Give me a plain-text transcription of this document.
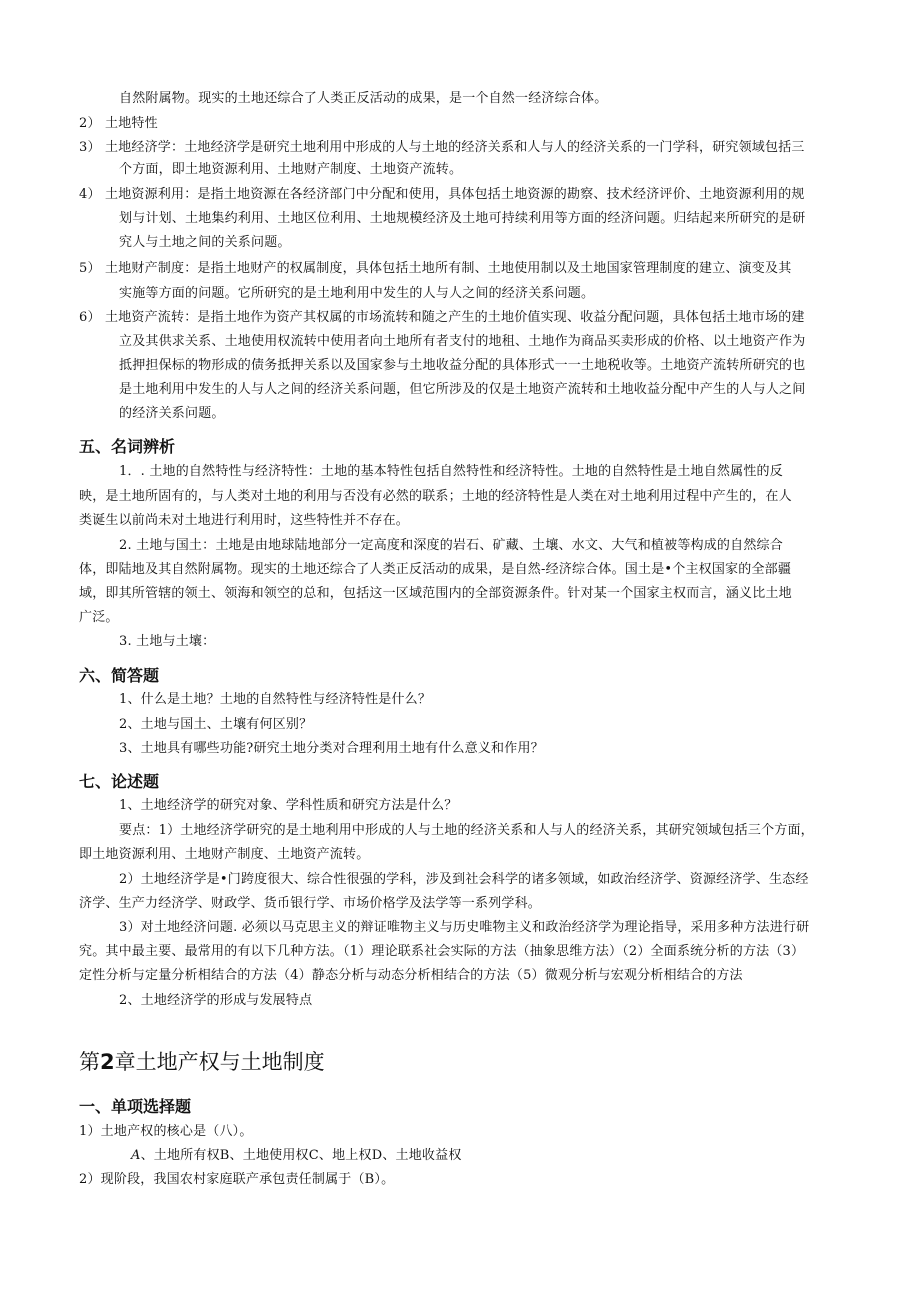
自然附属物。现实的土地还综合了人类正反活动的成果，是一个自然一经济综合体。
2） 土地特性
3） 土地经济学：土地经济学是研究土地利用中形成的人与土地的经济关系和人与人的经济关系的一门学科，研究领域包括三
个方面，即土地资源利用、土地财产制度、土地资产流转。
4） 土地资源利用：是指土地资源在各经济部门中分配和使用，具体包括土地资源的勘察、技术经济评价、土地资源利用的规
划与计划、土地集约利用、土地区位利用、土地规模经济及土地可持续利用等方面的经济问题。归结起来所研究的是研
究人与土地之间的关系问题。
5） 土地财产制度：是指土地财产的权属制度，具体包括土地所有制、土地使用制以及土地国家管理制度的建立、演变及其
实施等方面的问题。它所研究的是土地利用中发生的人与人之间的经济关系问题。
6） 土地资产流转：是指土地作为资产其权属的市场流转和随之产生的土地价值实现、收益分配问题，具体包括土地市场的建
立及其供求关系、土地使用权流转中使用者向土地所有者支付的地租、土地作为商品买卖形成的价格、以土地资产作为
抵押担保标的物形成的债务抵押关系以及国家参与土地收益分配的具体形式一一土地税收等。土地资产流转所研究的也
是土地利用中发生的人与人之间的经济关系问题，但它所涉及的仅是土地资产流转和土地收益分配中产生的人与人之间
的经济关系问题。
五、名词辨析
1．. 土地的自然特性与经济特性：土地的基本特性包括自然特性和经济特性。土地的自然特性是土地自然属性的反
映，是土地所固有的，与人类对土地的利用与否没有必然的联系；土地的经济特性是人类在对土地利用过程中产生的，在人
类诞生以前尚未对土地进行利用时，这些特性并不存在。
2. 土地与国土：土地是由地球陆地部分一定高度和深度的岩石、矿藏、土壤、水文、大气和植被等构成的自然综合
体，即陆地及其自然附属物。现实的土地还综合了人类正反活动的成果，是自然-经济综合体。国土是•个主权国家的全部疆
域，即其所管辖的领土、领海和领空的总和，包括这一区域范围内的全部资源条件。针对某一个国家主权而言，涵义比土地
广泛。
3. 土地与土壤：
六、简答题
1、什么是土地？土地的自然特性与经济特性是什么？
2、土地与国土、土壤有何区别？
3、土地具有哪些功能?研究土地分类对合理利用土地有什么意义和作用？
七、论述题
1、土地经济学的研究对象、学科性质和研究方法是什么？
要点：1）土地经济学研究的是土地利用中形成的人与土地的经济关系和人与人的经济关系，其研究领域包括三个方面，
即土地资源利用、土地财产制度、土地资产流转。
2）土地经济学是•门跨度很大、综合性很强的学科，涉及到社会科学的诸多领域，如政治经济学、资源经济学、生态经
济学、生产力经济学、财政学、货币银行学、市场价格学及法学等一系列学科。
3）对土地经济问题. 必须以马克思主义的辩证唯物主义与历史唯物主义和政治经济学为理论指导，采用多种方法进行研
究。其中最主要、最常用的有以下几种方法。（1）理论联系社会实际的方法（抽象思维方法）（2）全面系统分析的方法（3）
定性分析与定量分析相结合的方法（4）静态分析与动态分析相结合的方法（5）微观分析与宏观分析相结合的方法
2、土地经济学的形成与发展特点
第2章土地产权与土地制度
一、单项选择题
1）土地产权的核心是（八）。
A、土地所有权B、土地使用权C、地上权D、土地收益权
2）现阶段，我国农村家庭联产承包责任制属于（B）。
